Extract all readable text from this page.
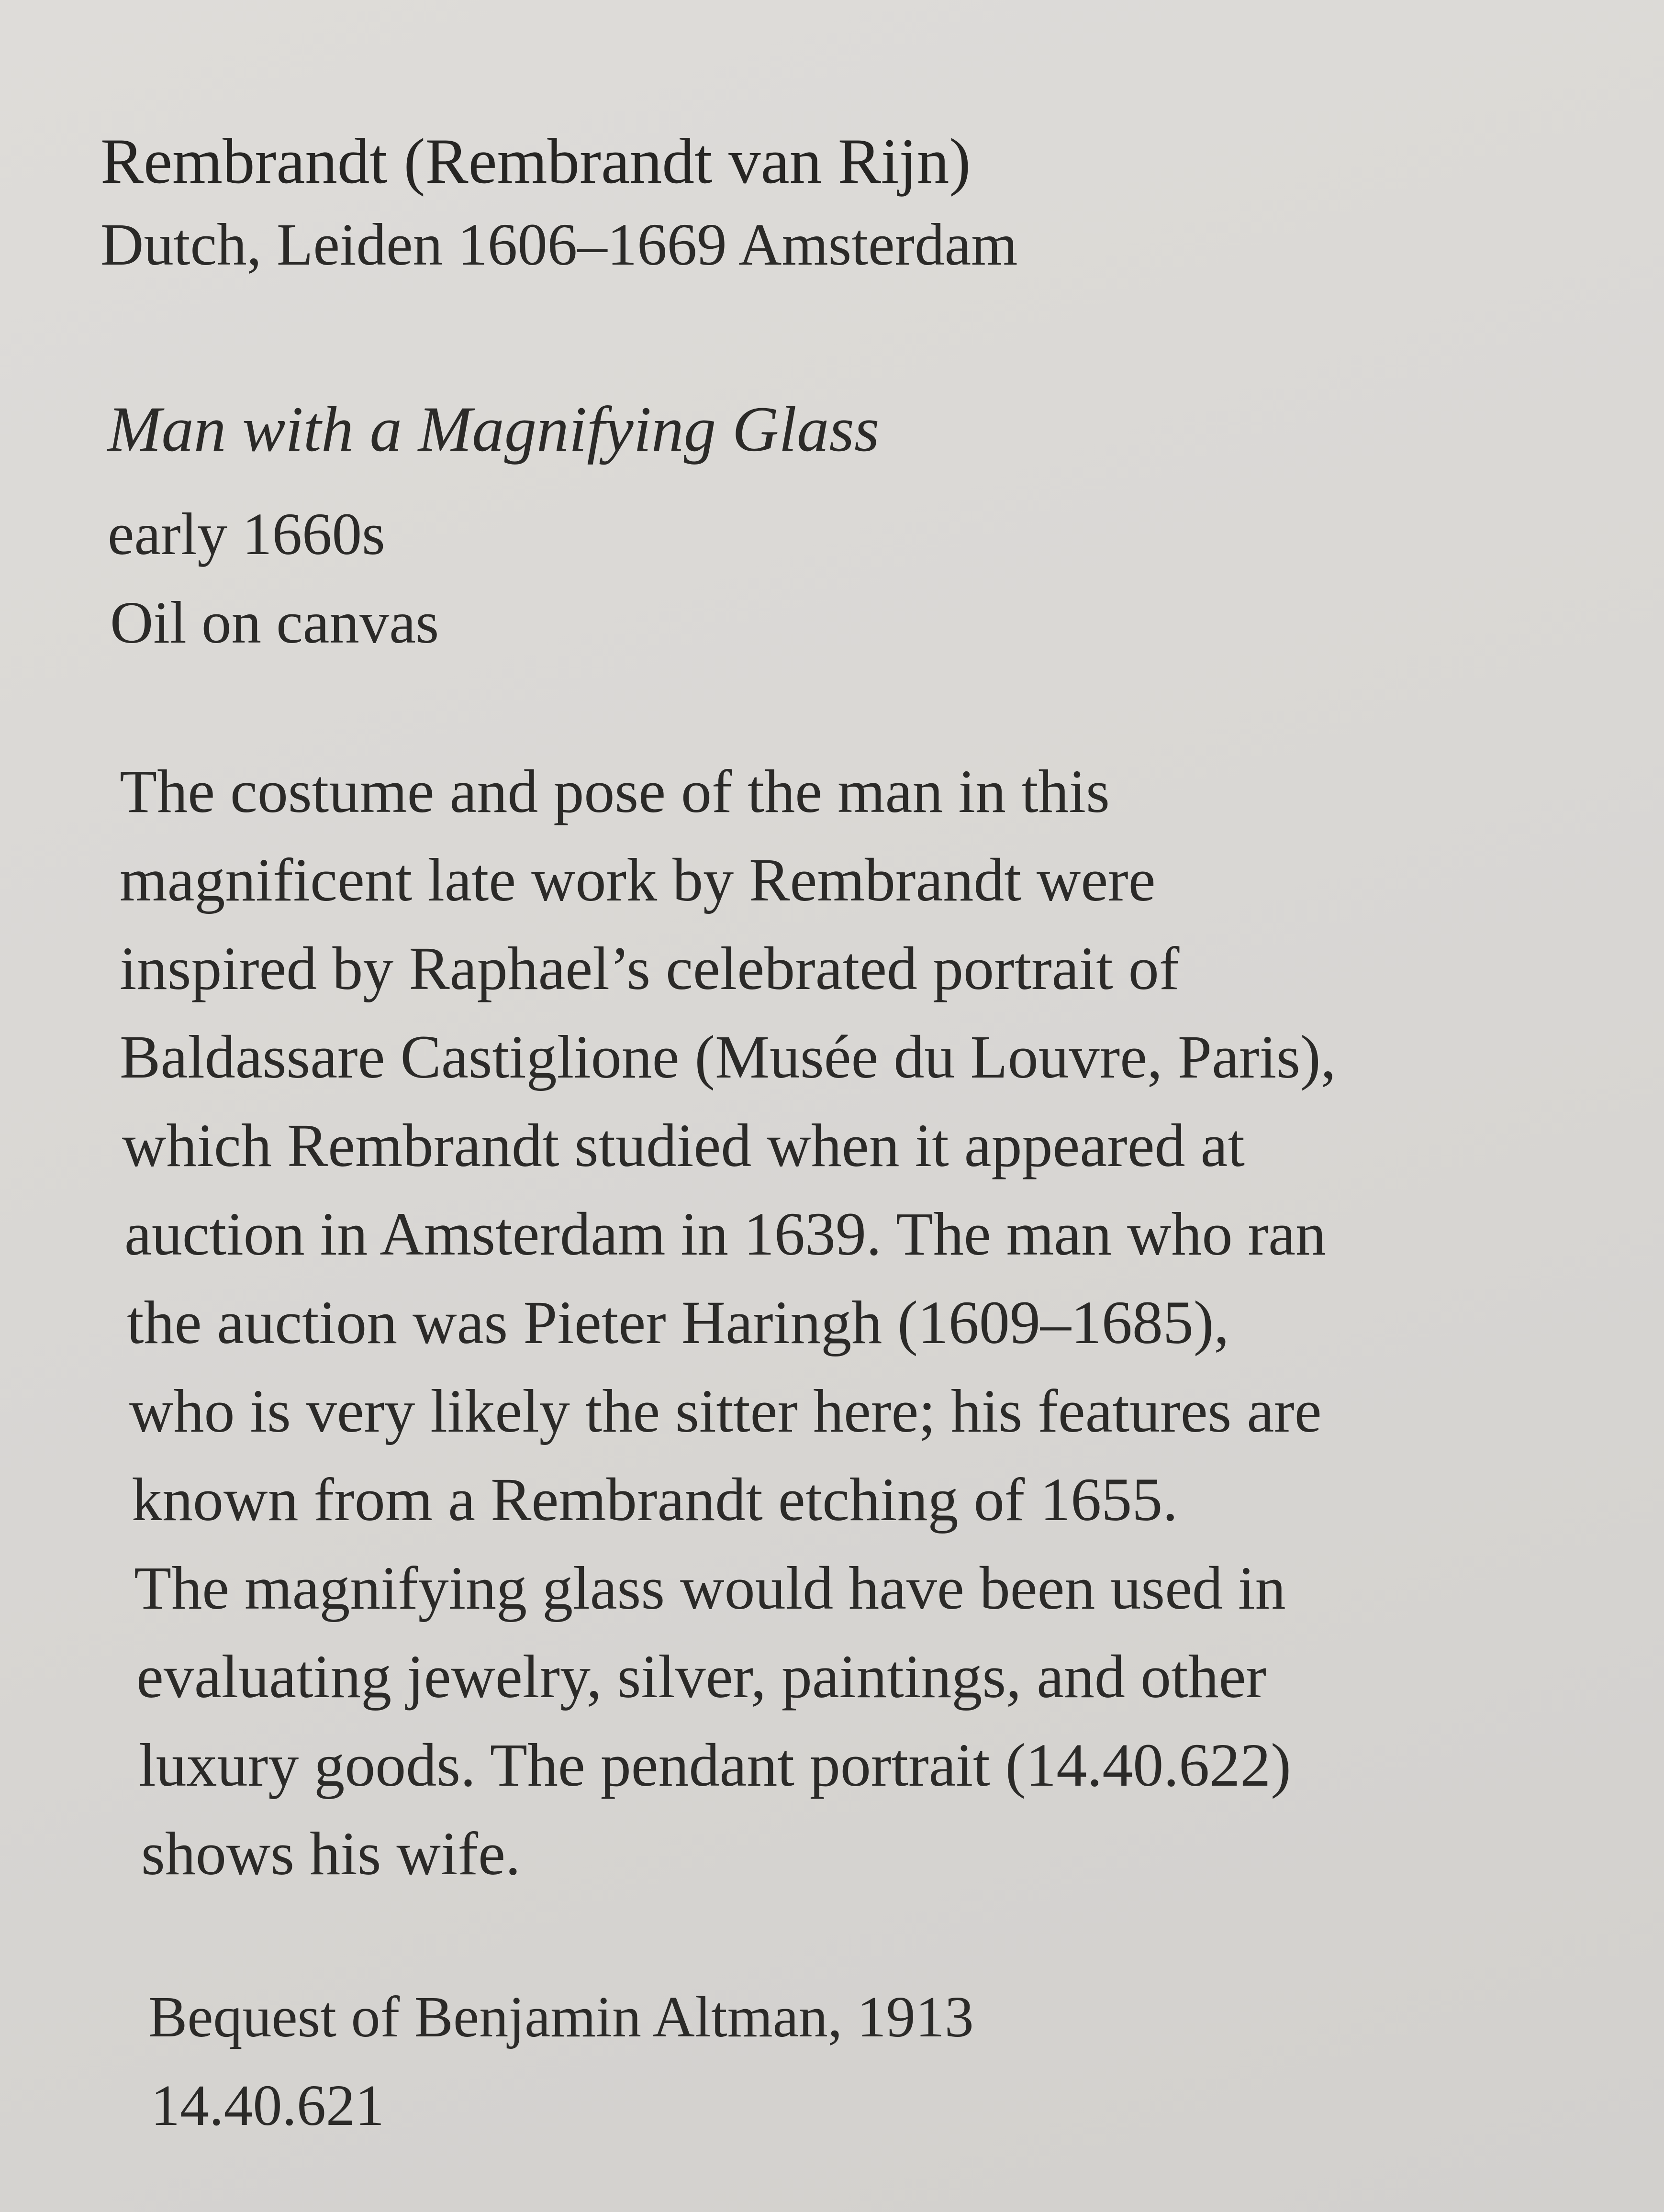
Rembrandt (Rembrandt van Rijn)
Dutch, Leiden 1606–1669 Amsterdam
Man with a Magnifying Glass
early 1660s
Oil on canvas
The costume and pose of the man in this
magnificent late work by Rembrandt were
inspired by Raphael’s celebrated portrait of
Baldassare Castiglione (Musée du Louvre, Paris),
which Rembrandt studied when it appeared at
auction in Amsterdam in 1639. The man who ran
the auction was Pieter Haringh (1609–1685),
who is very likely the sitter here; his features are
known from a Rembrandt etching of 1655.
The magnifying glass would have been used in
evaluating jewelry, silver, paintings, and other
luxury goods. The pendant portrait (14.40.622)
shows his wife.
Bequest of Benjamin Altman, 1913
14.40.621
